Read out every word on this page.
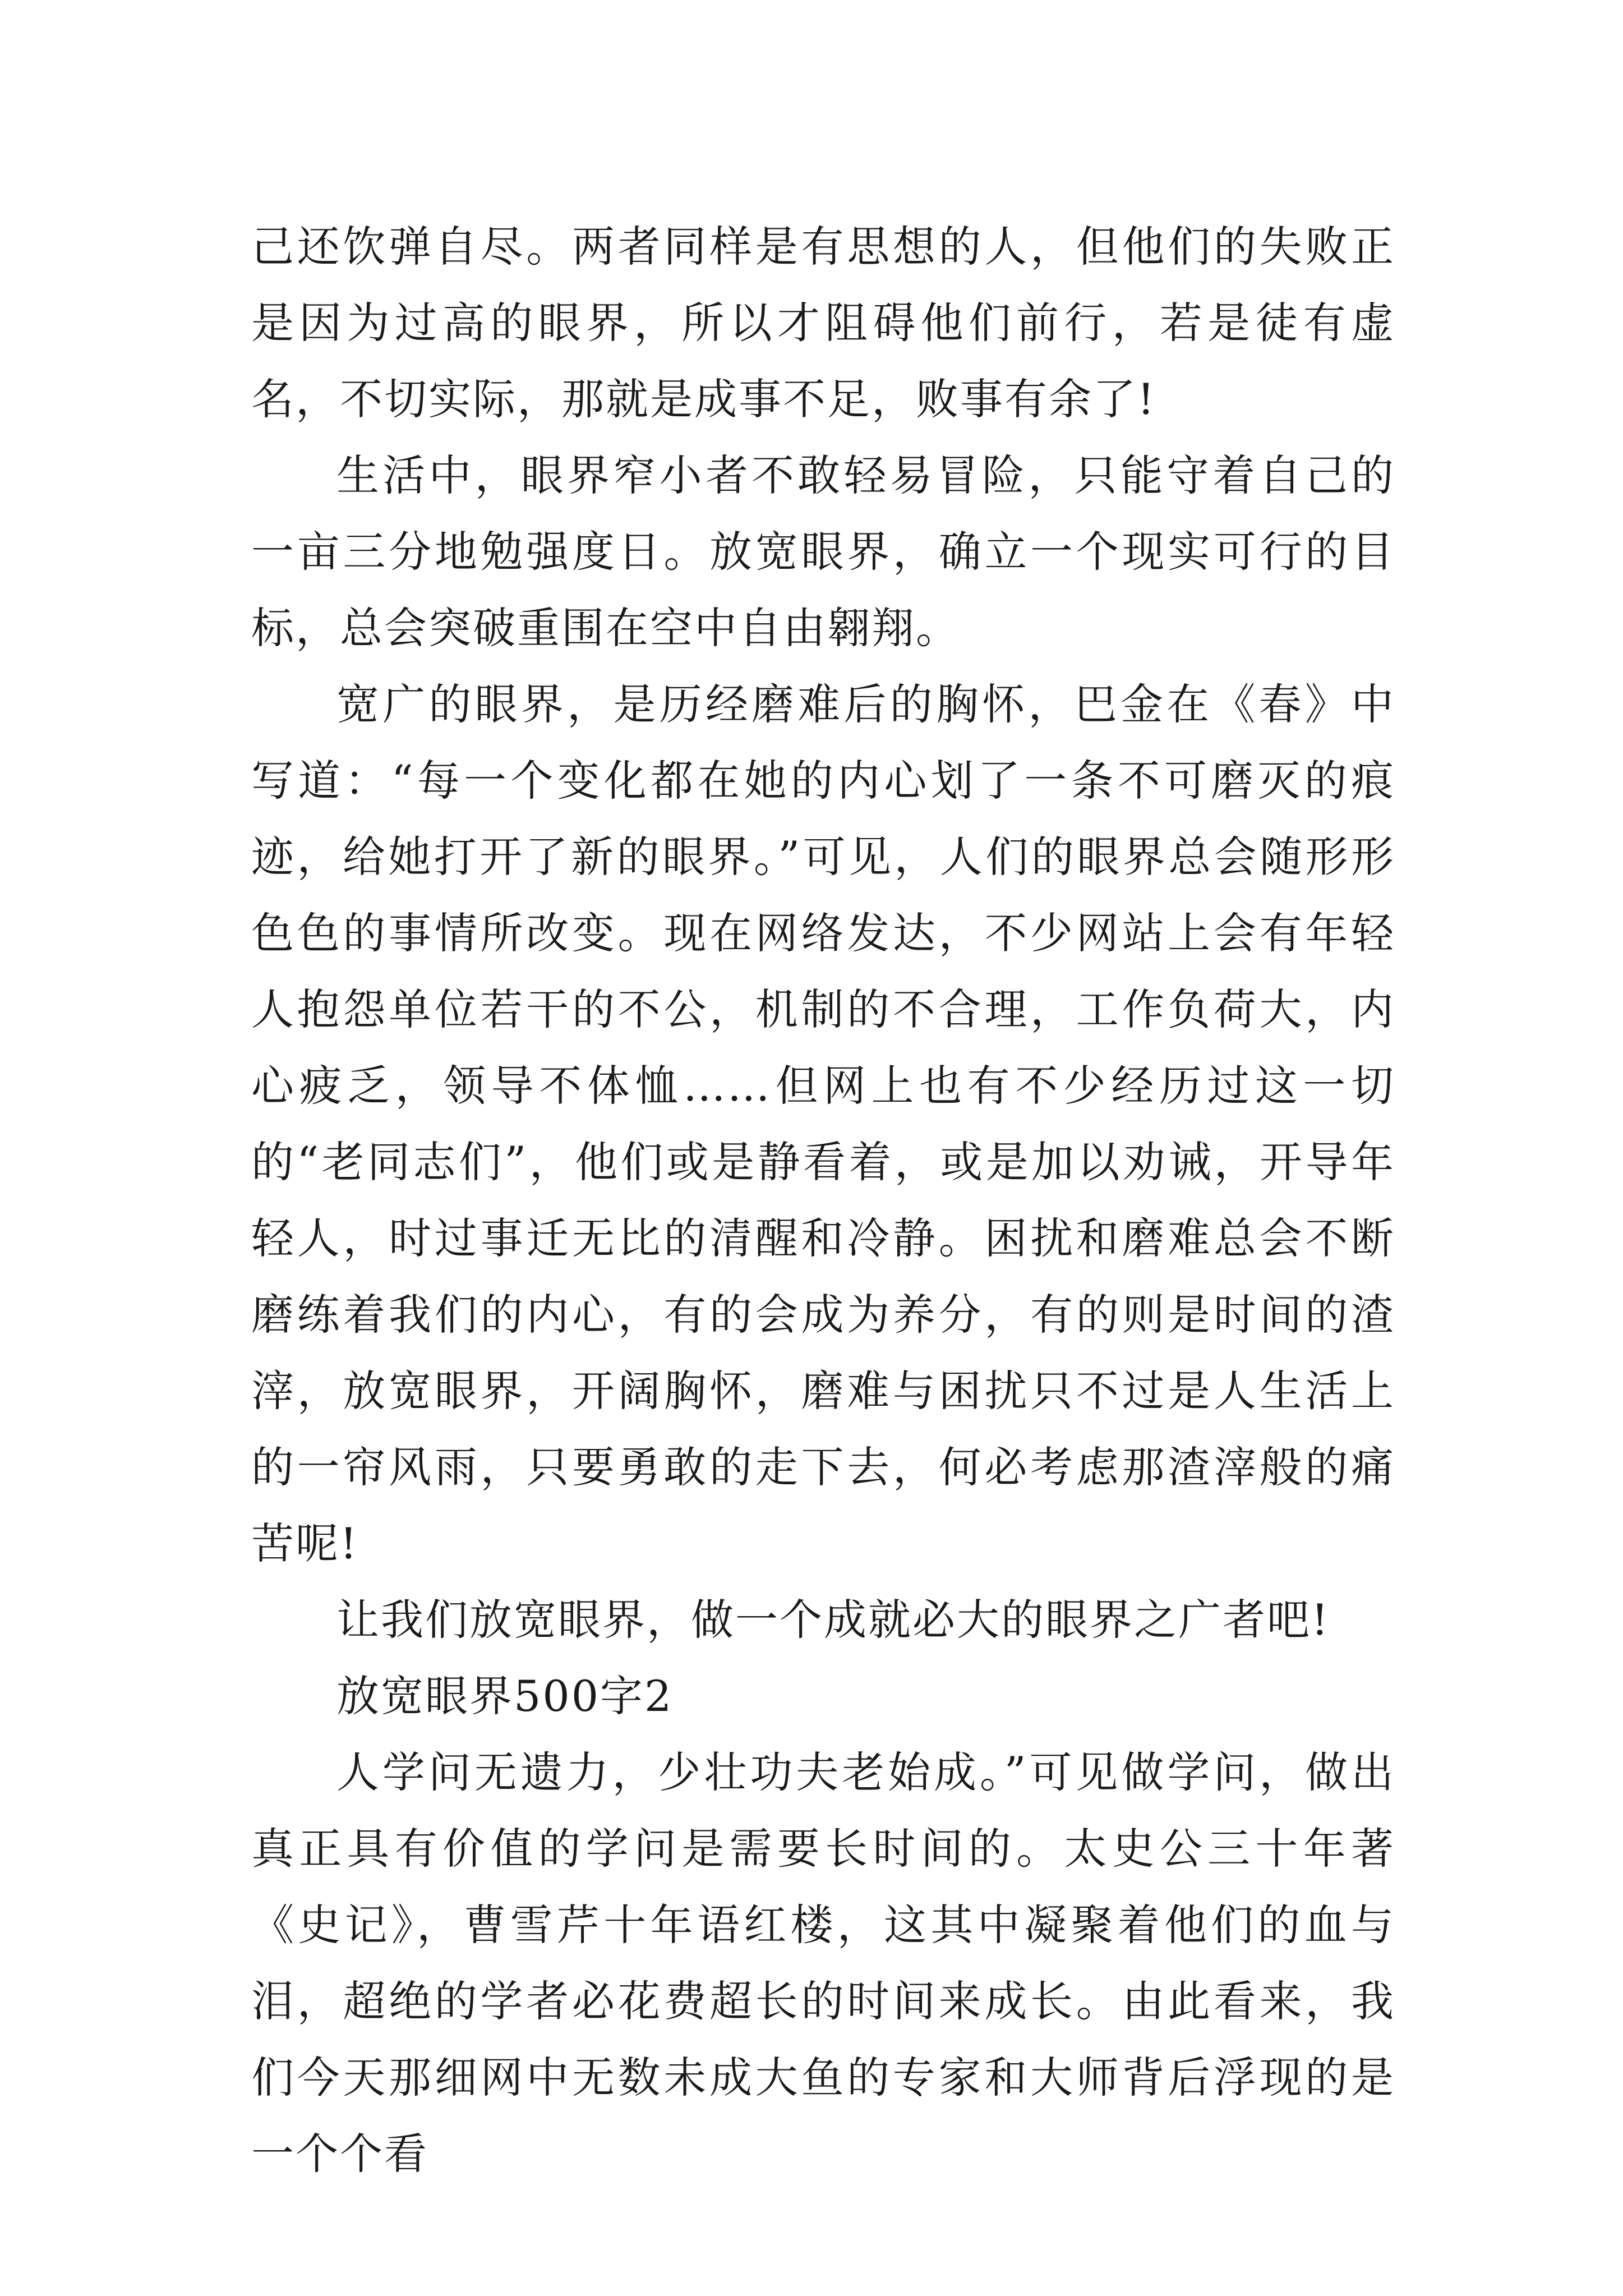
己还饮弹自尽。两者同样是有思想的人，但他们的失败正是因为过高的眼界，所以才阻碍他们前行，若是徒有虚名，不切实际，那就是成事不足，败事有余了!

生活中，眼界窄小者不敢轻易冒险，只能守着自己的一亩三分地勉强度日。放宽眼界，确立一个现实可行的目标，总会突破重围在空中自由翱翔。

宽广的眼界，是历经磨难后的胸怀，巴金在《春》中写道：“每一个变化都在她的内心划了一条不可磨灭的痕迹，给她打开了新的眼界。”可见，人们的眼界总会随形形色色的事情所改变。现在网络发达，不少网站上会有年轻人抱怨单位若干的不公，机制的不合理，工作负荷大，内心疲乏，领导不体恤……但网上也有不少经历过这一切的“老同志们”，他们或是静看着，或是加以劝诫，开导年轻人，时过事迁无比的清醒和冷静。困扰和磨难总会不断磨练着我们的内心，有的会成为养分，有的则是时间的渣滓，放宽眼界，开阔胸怀，磨难与困扰只不过是人生活上的一帘风雨，只要勇敢的走下去，何必考虑那渣滓般的痛苦呢!

让我们放宽眼界，做一个成就必大的眼界之广者吧!

放宽眼界500字2

人学问无遗力，少壮功夫老始成。”可见做学问，做出真正具有价值的学问是需要长时间的。太史公三十年著《史记》，曹雪芹十年语红楼，这其中凝聚着他们的血与泪，超绝的学者必花费超长的时间来成长。由此看来，我们今天那细网中无数未成大鱼的专家和大师背后浮现的是一个个看
